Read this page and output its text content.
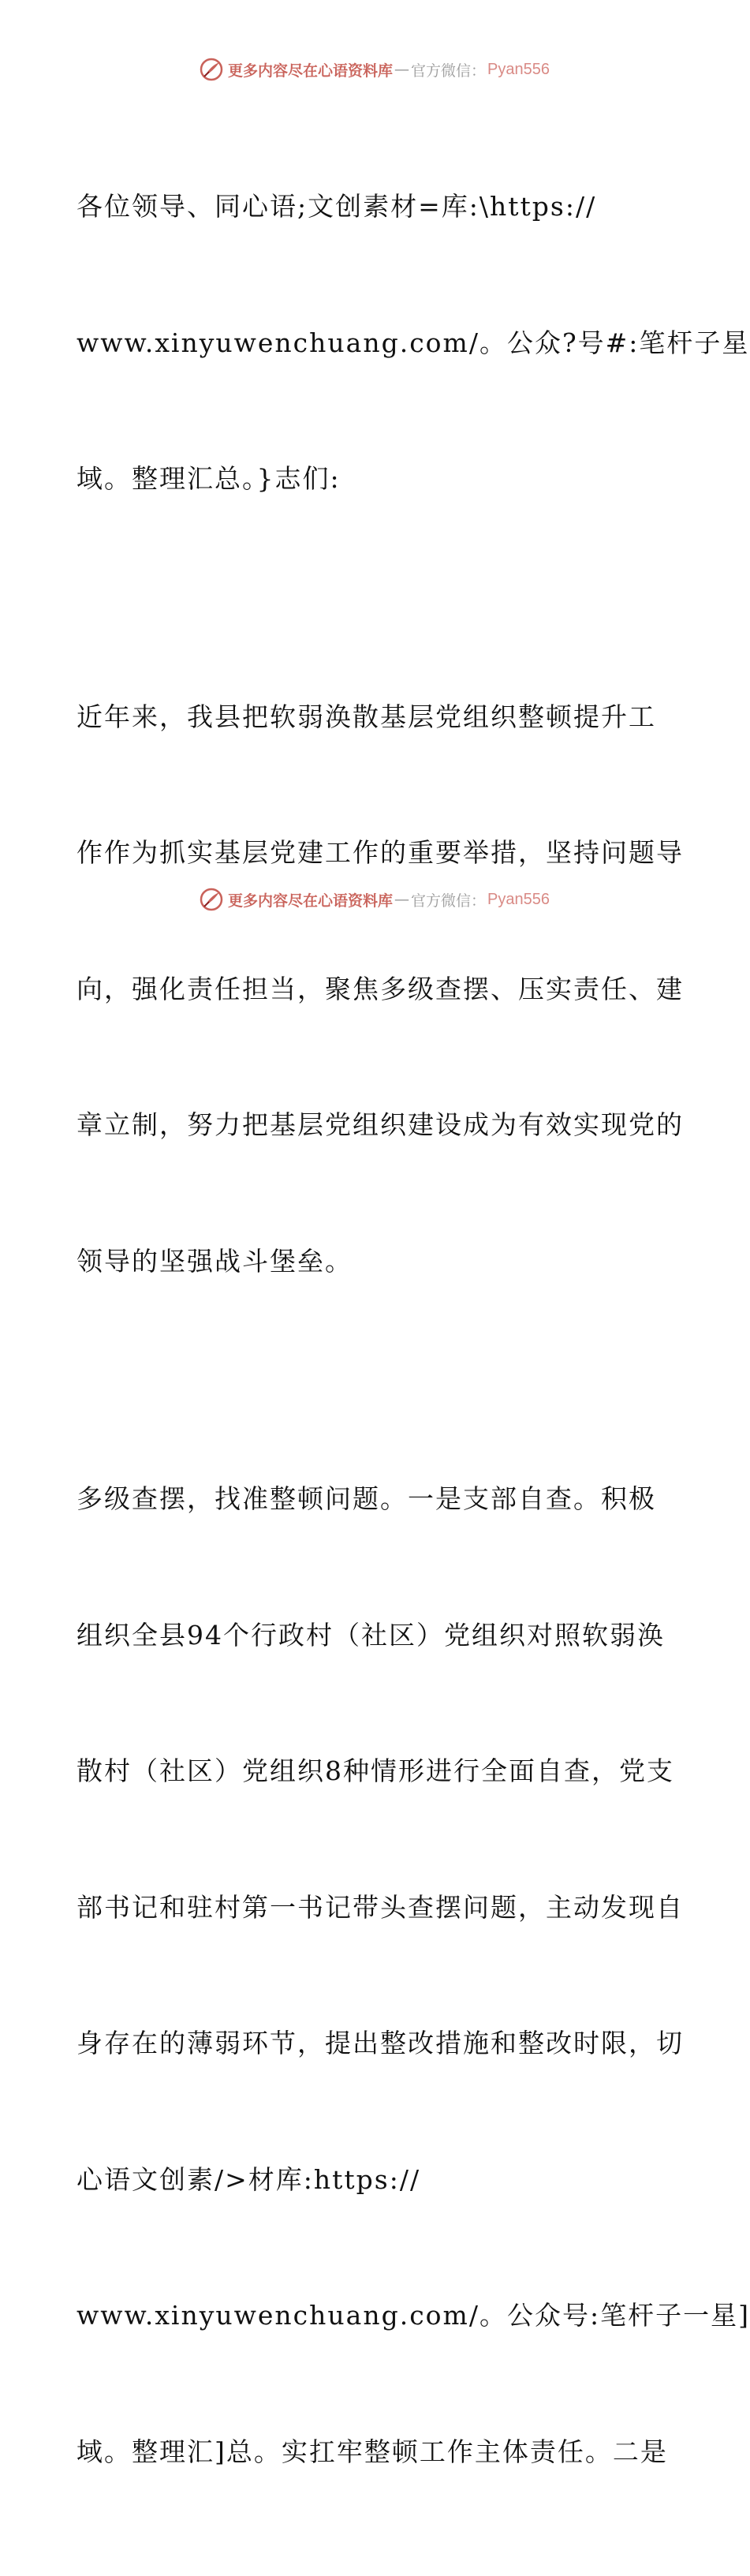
更多内容尽在心语资料库 — 官方微信： Pyan556

各位领导、同心语;文创素材=库:\https://

www.xinyuwenchuang.com/。公众?号#:笔杆子星

域。整理汇总。}志们:

近年来，我县把软弱涣散基层党组织整顿提升工

作作为抓实基层党建工作的重要举措，坚持问题导

向，强化责任担当，聚焦多级查摆、压实责任、建

章立制，努力把基层党组织建设成为有效实现党的

领导的坚强战斗堡垒。

多级查摆，找准整顿问题。一是支部自查。积极

组织全县94个行政村（社区）党组织对照软弱涣

散村（社区）党组织8种情形进行全面自查，党支

部书记和驻村第一书记带头查摆问题，主动发现自

身存在的薄弱环节，提出整改措施和整改时限，切

心语文创素/>材库:https://

www.xinyuwenchuang.com/。公众号:笔杆子一星]

域。整理汇]总。实扛牢整顿工作主体责任。二是

更多内容尽在心语资料库 — 官方微信： Pyan556
